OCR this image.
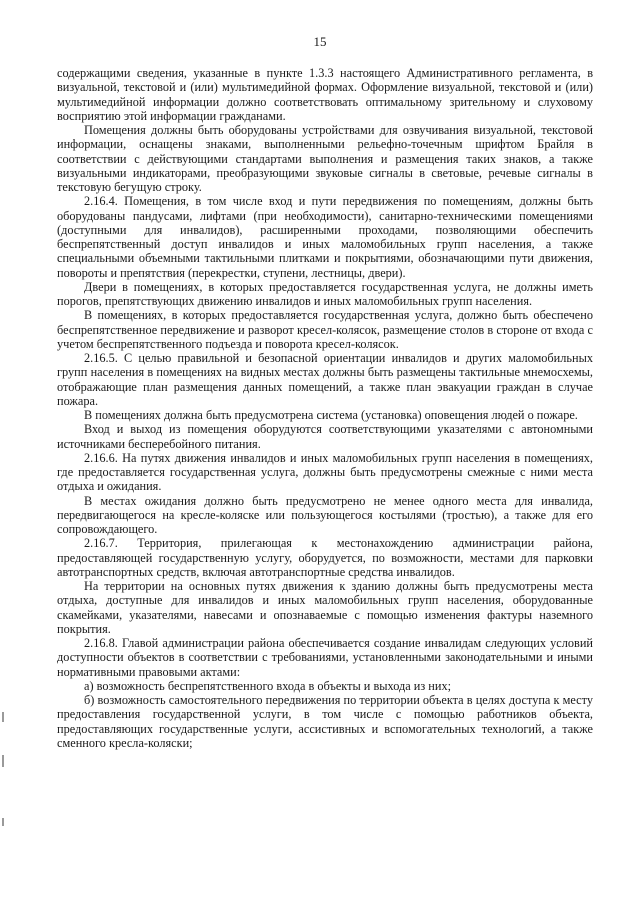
15

содержащими сведения, указанные в пункте 1.3.3 настоящего Административного регламента, в визуальной, текстовой и (или) мультимедийной формах. Оформление визуальной, текстовой и (или) мультимедийной информации должно соответствовать оптимальному зрительному и слуховому восприятию этой информации гражданами.

Помещения должны быть оборудованы устройствами для озвучивания визуальной, текстовой информации, оснащены знаками, выполненными рельефно-точечным шрифтом Брайля в соответствии с действующими стандартами выполнения и размещения таких знаков, а также визуальными индикаторами, преобразующими звуковые сигналы в световые, речевые сигналы в текстовую бегущую строку.

2.16.4. Помещения, в том числе вход и пути передвижения по помещениям, должны быть оборудованы пандусами, лифтами (при необходимости), санитарно-техническими помещениями (доступными для инвалидов), расширенными проходами, позволяющими обеспечить беспрепятственный доступ инвалидов и иных маломобильных групп населения, а также специальными объемными тактильными плитками и покрытиями, обозначающими пути движения, повороты и препятствия (перекрестки, ступени, лестницы, двери).

Двери в помещениях, в которых предоставляется государственная услуга, не должны иметь порогов, препятствующих движению инвалидов и иных маломобильных групп населения.

В помещениях, в которых предоставляется государственная услуга, должно быть обеспечено беспрепятственное передвижение и разворот кресел-колясок, размещение столов в стороне от входа с учетом беспрепятственного подъезда и поворота кресел-колясок.

2.16.5. С целью правильной и безопасной ориентации инвалидов и других маломобильных групп населения в помещениях на видных местах должны быть размещены тактильные мнемосхемы, отображающие план размещения данных помещений, а также план эвакуации граждан в случае пожара.

В помещениях должна быть предусмотрена система (установка) оповещения людей о пожаре.

Вход и выход из помещения оборудуются соответствующими указателями с автономными источниками бесперебойного питания.

2.16.6. На путях движения инвалидов и иных маломобильных групп населения в помещениях, где предоставляется государственная услуга, должны быть предусмотрены смежные с ними места отдыха и ожидания.

В местах ожидания должно быть предусмотрено не менее одного места для инвалида, передвигающегося на кресле-коляске или пользующегося костылями (тростью), а также для его сопровождающего.

2.16.7. Территория, прилегающая к местонахождению администрации района, предоставляющей государственную услугу, оборудуется, по возможности, местами для парковки автотранспортных средств, включая автотранспортные средства инвалидов.

На территории на основных путях движения к зданию должны быть предусмотрены места отдыха, доступные для инвалидов и иных маломобильных групп населения, оборудованные скамейками, указателями, навесами и опознаваемые с помощью изменения фактуры наземного покрытия.

2.16.8. Главой администрации района обеспечивается создание инвалидам следующих условий доступности объектов в соответствии с требованиями, установленными законодательными и иными нормативными правовыми актами:

а) возможность беспрепятственного входа в объекты и выхода из них;

б) возможность самостоятельного передвижения по территории объекта в целях доступа к месту предоставления государственной услуги, в том числе с помощью работников объекта, предоставляющих государственные услуги, ассистивных и вспомогательных технологий, а также сменного кресла-коляски;
